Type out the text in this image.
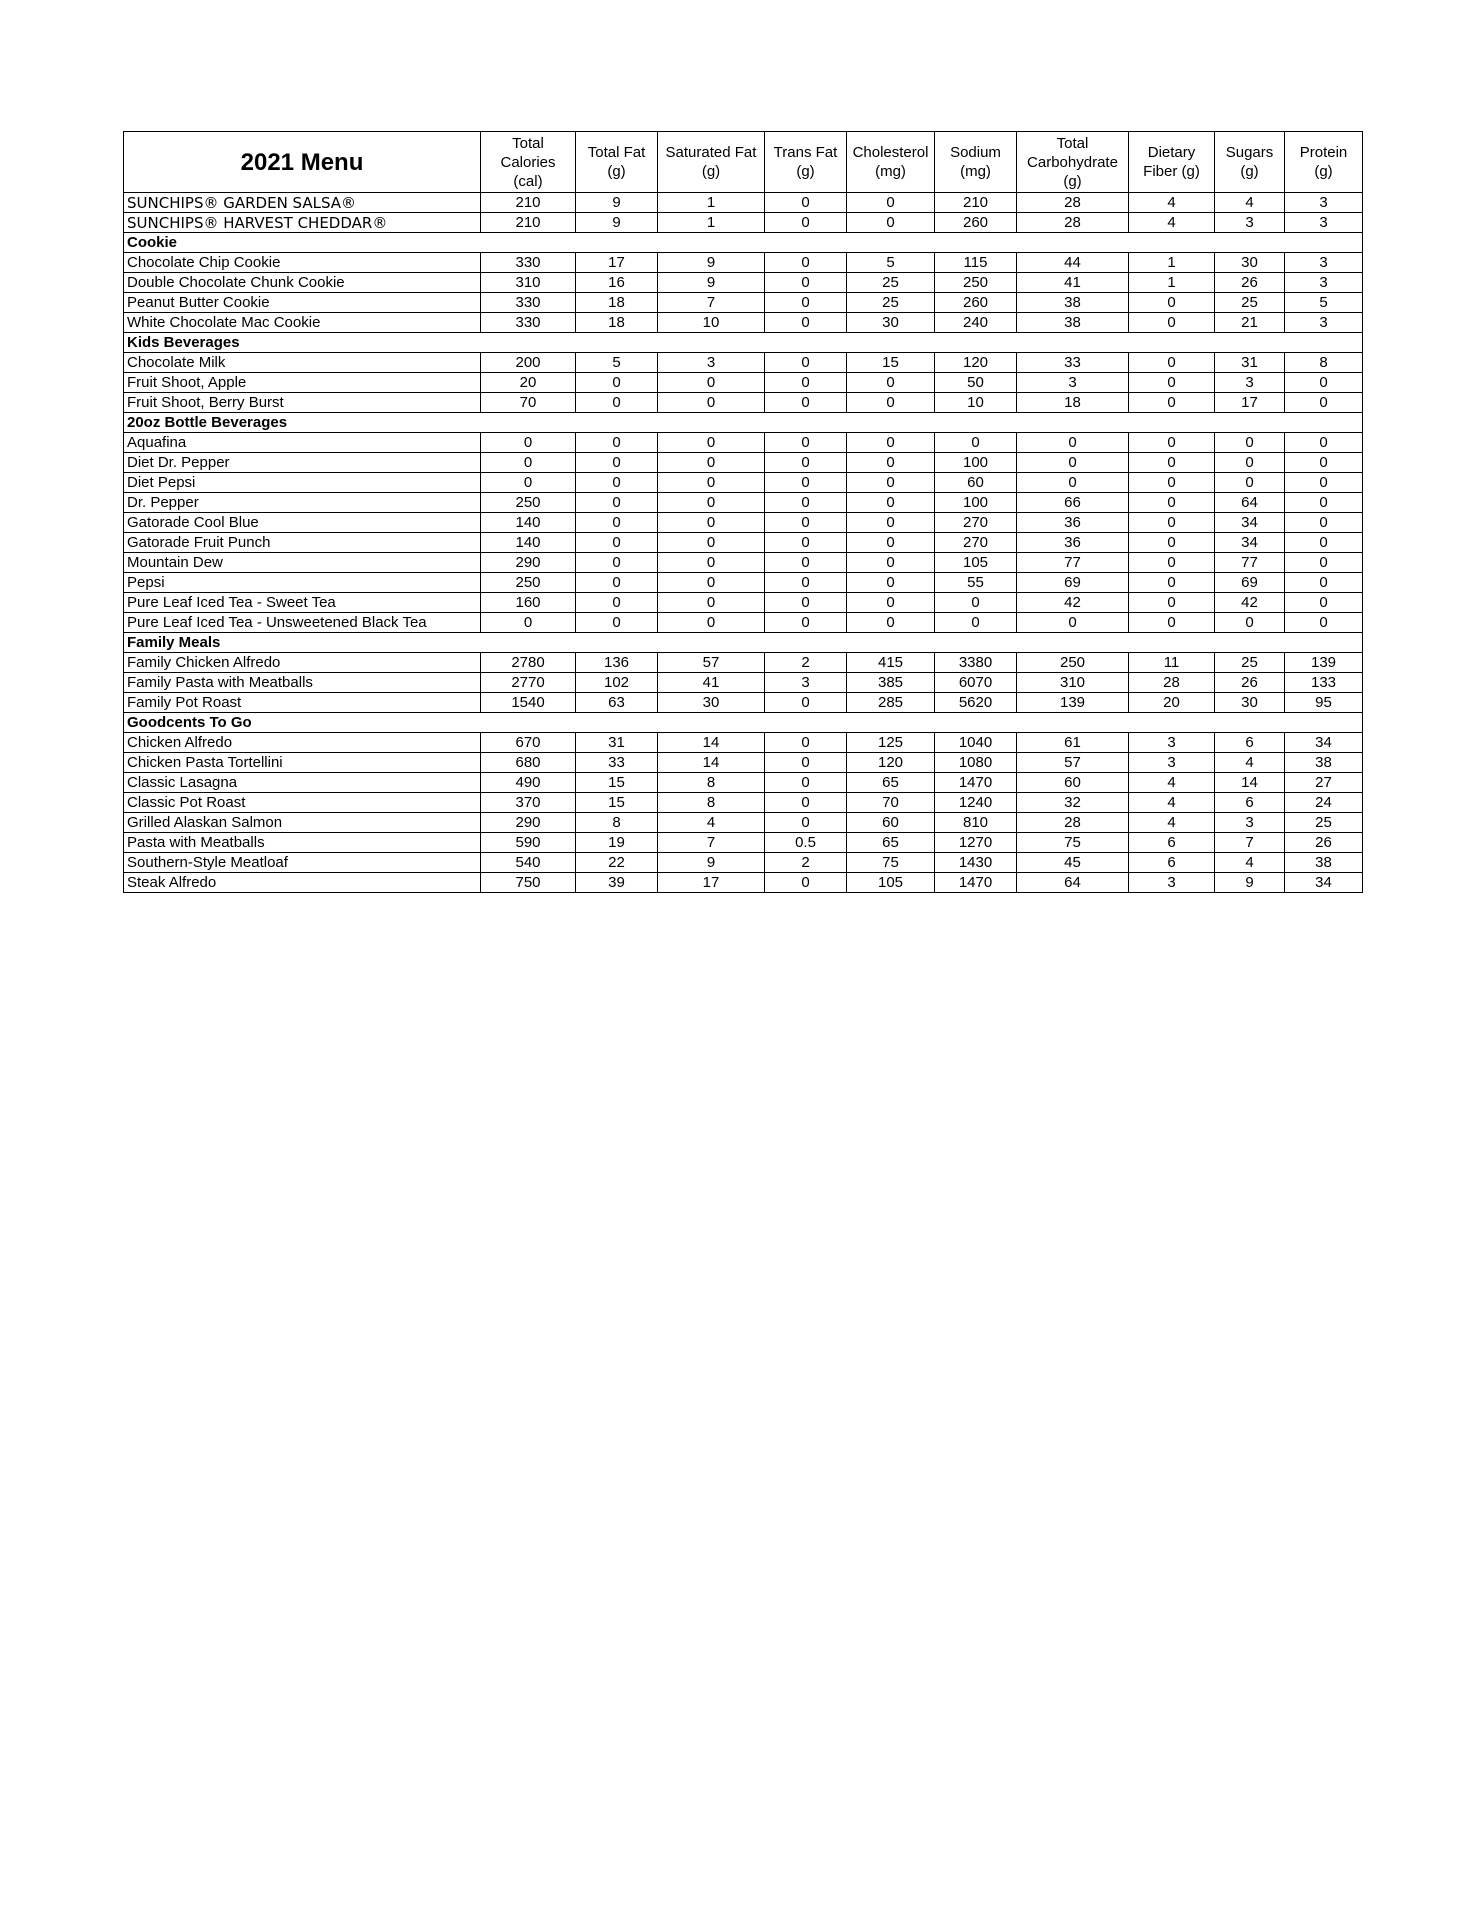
2021 Menu	Total
Calories
(cal)	Total Fat
(g)	Saturated Fat
(g)	Trans Fat
(g)	Cholesterol
(mg)	Sodium
(mg)	Total
Carbohydrate
(g)	Dietary
Fiber (g)	Sugars
(g)	Protein
(g)
SUNCHIPS® GARDEN SALSA®	210	9	1	0	0	210	28	4	4	3
SUNCHIPS® HARVEST CHEDDAR®	210	9	1	0	0	260	28	4	3	3
Cookie										
Chocolate Chip Cookie	330	17	9	0	5	115	44	1	30	3
Double Chocolate Chunk Cookie	310	16	9	0	25	250	41	1	26	3
Peanut Butter Cookie	330	18	7	0	25	260	38	0	25	5
White Chocolate Mac Cookie	330	18	10	0	30	240	38	0	21	3
Kids Beverages										
Chocolate Milk	200	5	3	0	15	120	33	0	31	8
Fruit Shoot, Apple	20	0	0	0	0	50	3	0	3	0
Fruit Shoot, Berry Burst	70	0	0	0	0	10	18	0	17	0
20oz Bottle Beverages										
Aquafina	0	0	0	0	0	0	0	0	0	0
Diet Dr. Pepper	0	0	0	0	0	100	0	0	0	0
Diet Pepsi	0	0	0	0	0	60	0	0	0	0
Dr. Pepper	250	0	0	0	0	100	66	0	64	0
Gatorade Cool Blue	140	0	0	0	0	270	36	0	34	0
Gatorade Fruit Punch	140	0	0	0	0	270	36	0	34	0
Mountain Dew	290	0	0	0	0	105	77	0	77	0
Pepsi	250	0	0	0	0	55	69	0	69	0
Pure Leaf Iced Tea - Sweet Tea	160	0	0	0	0	0	42	0	42	0
Pure Leaf Iced Tea - Unsweetened Black Tea	0	0	0	0	0	0	0	0	0	0
Family Meals										
Family Chicken Alfredo	2780	136	57	2	415	3380	250	11	25	139
Family Pasta with Meatballs	2770	102	41	3	385	6070	310	28	26	133
Family Pot Roast	1540	63	30	0	285	5620	139	20	30	95
Goodcents To Go										
Chicken Alfredo	670	31	14	0	125	1040	61	3	6	34
Chicken Pasta Tortellini	680	33	14	0	120	1080	57	3	4	38
Classic Lasagna	490	15	8	0	65	1470	60	4	14	27
Classic Pot Roast	370	15	8	0	70	1240	32	4	6	24
Grilled Alaskan Salmon	290	8	4	0	60	810	28	4	3	25
Pasta with Meatballs	590	19	7	0.5	65	1270	75	6	7	26
Southern-Style Meatloaf	540	22	9	2	75	1430	45	6	4	38
Steak Alfredo	750	39	17	0	105	1470	64	3	9	34
